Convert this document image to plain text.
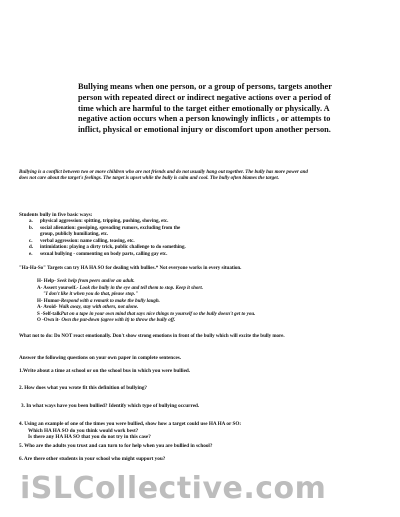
Bullying means when one person, or a group of persons, targets another person with repeated direct or indirect negative actions over a period of time which are harmful to the target either emotionally or physically. A negative action occurs when a person knowingly inflicts , or attempts to inflict, physical or emotional injury or discomfort upon another person.
Bullying is a conflict between two or more children who are not friends and do not usually hang out together. The bully has more power and does not care about the target's feelings. The target is upset while the bully is calm and cool. The bully often blames the target.
Students bully in five basic ways:
a.	physical aggression: spitting, tripping, pushing, shoving, etc.
b.	social alienation: gossiping, spreading rumors, excluding from the
group, publicly humiliating, etc.
c.	verbal aggression: name calling, teasing, etc.
d.	intimidation: playing a dirty trick, public challenge to do something.
e.	sexual bullying - commenting on body parts, calling gay etc.
"Ha-Ha-So" Targets can try HA HA SO for dealing with bullies.* Not everyone works in every situation.
H- Help- Seek help from peers and/or an adult.
A- Assert yourself.- Look the bully in the eye and tell them to stop. Keep it short.
"I don't like it when you do that, please stop."
H- Humor-Respond with a remark to make the bully laugh.
A- Avoid- Walk away, stay with others, not alone.
S -Self-talkPut on a tape in your own mind that says nice things to yourself so the bully doesn't get to you.
O -Own it- Own the put-down (agree with it) to throw the bully off.
What not to do: Do NOT react emotionally. Don't show strong emotions in front of the bully which will excite the bully more.
Answer the following questions on your own paper in complete sentences.
1.Write about a time at school or on the school bus in which you were bullied.
2. How does what you wrote fit this definition of bullying?
3. In what ways have you been bullied? Identify which type of bullying occurred.
4. Using an example of one of the times you were bullied, show how a target could use HA HA or SO:
Which HA HA SO do you think would work best?
Is there any HA HA SO that you do not try in this case?
5. Who are the adults you trust and can turn to for help when you are bullied in school?
6. Are there other students in your school who might support you?
iSLCollective.com
